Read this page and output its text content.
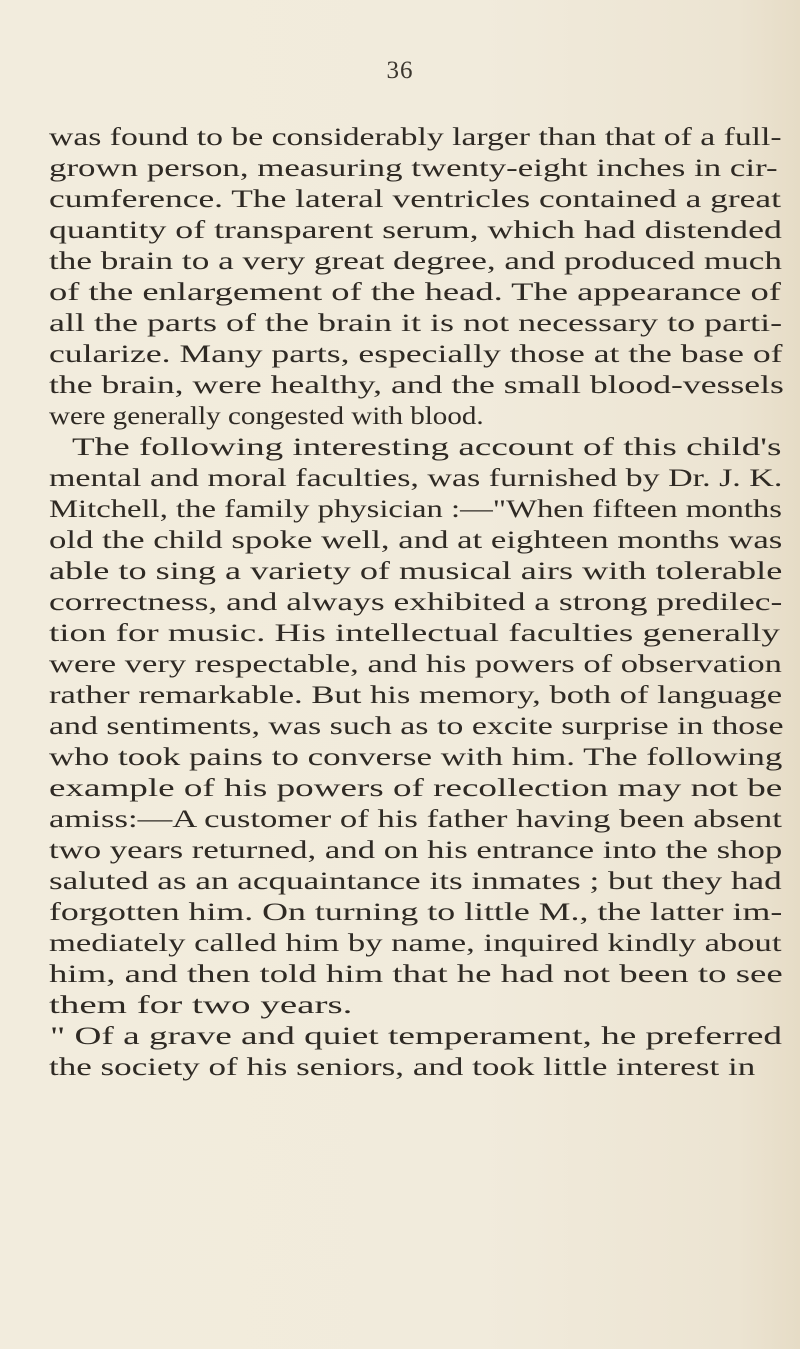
36
was found to be considerably larger than that of a full-
grown person, measuring twenty-eight inches in cir-
cumference. The lateral ventricles contained a great
quantity of transparent serum, which had distended
the brain to a very great degree, and produced much
of the enlargement of the head. The appearance of
all the parts of the brain it is not necessary to parti-
cularize. Many parts, especially those at the base of
the brain, were healthy, and the small blood-vessels
were generally congested with blood.
The following interesting account of this child's
mental and moral faculties, was furnished by Dr. J. K.
Mitchell, the family physician :—"When fifteen months
old the child spoke well, and at eighteen months was
able to sing a variety of musical airs with tolerable
correctness, and always exhibited a strong predilec-
tion for music. His intellectual faculties generally
were very respectable, and his powers of observation
rather remarkable. But his memory, both of language
and sentiments, was such as to excite surprise in those
who took pains to converse with him. The following
example of his powers of recollection may not be
amiss:—A customer of his father having been absent
two years returned, and on his entrance into the shop
saluted as an acquaintance its inmates ; but they had
forgotten him. On turning to little M., the latter im-
mediately called him by name, inquired kindly about
him, and then told him that he had not been to see
them for two years.
" Of a grave and quiet temperament, he preferred
the society of his seniors, and took little interest in
